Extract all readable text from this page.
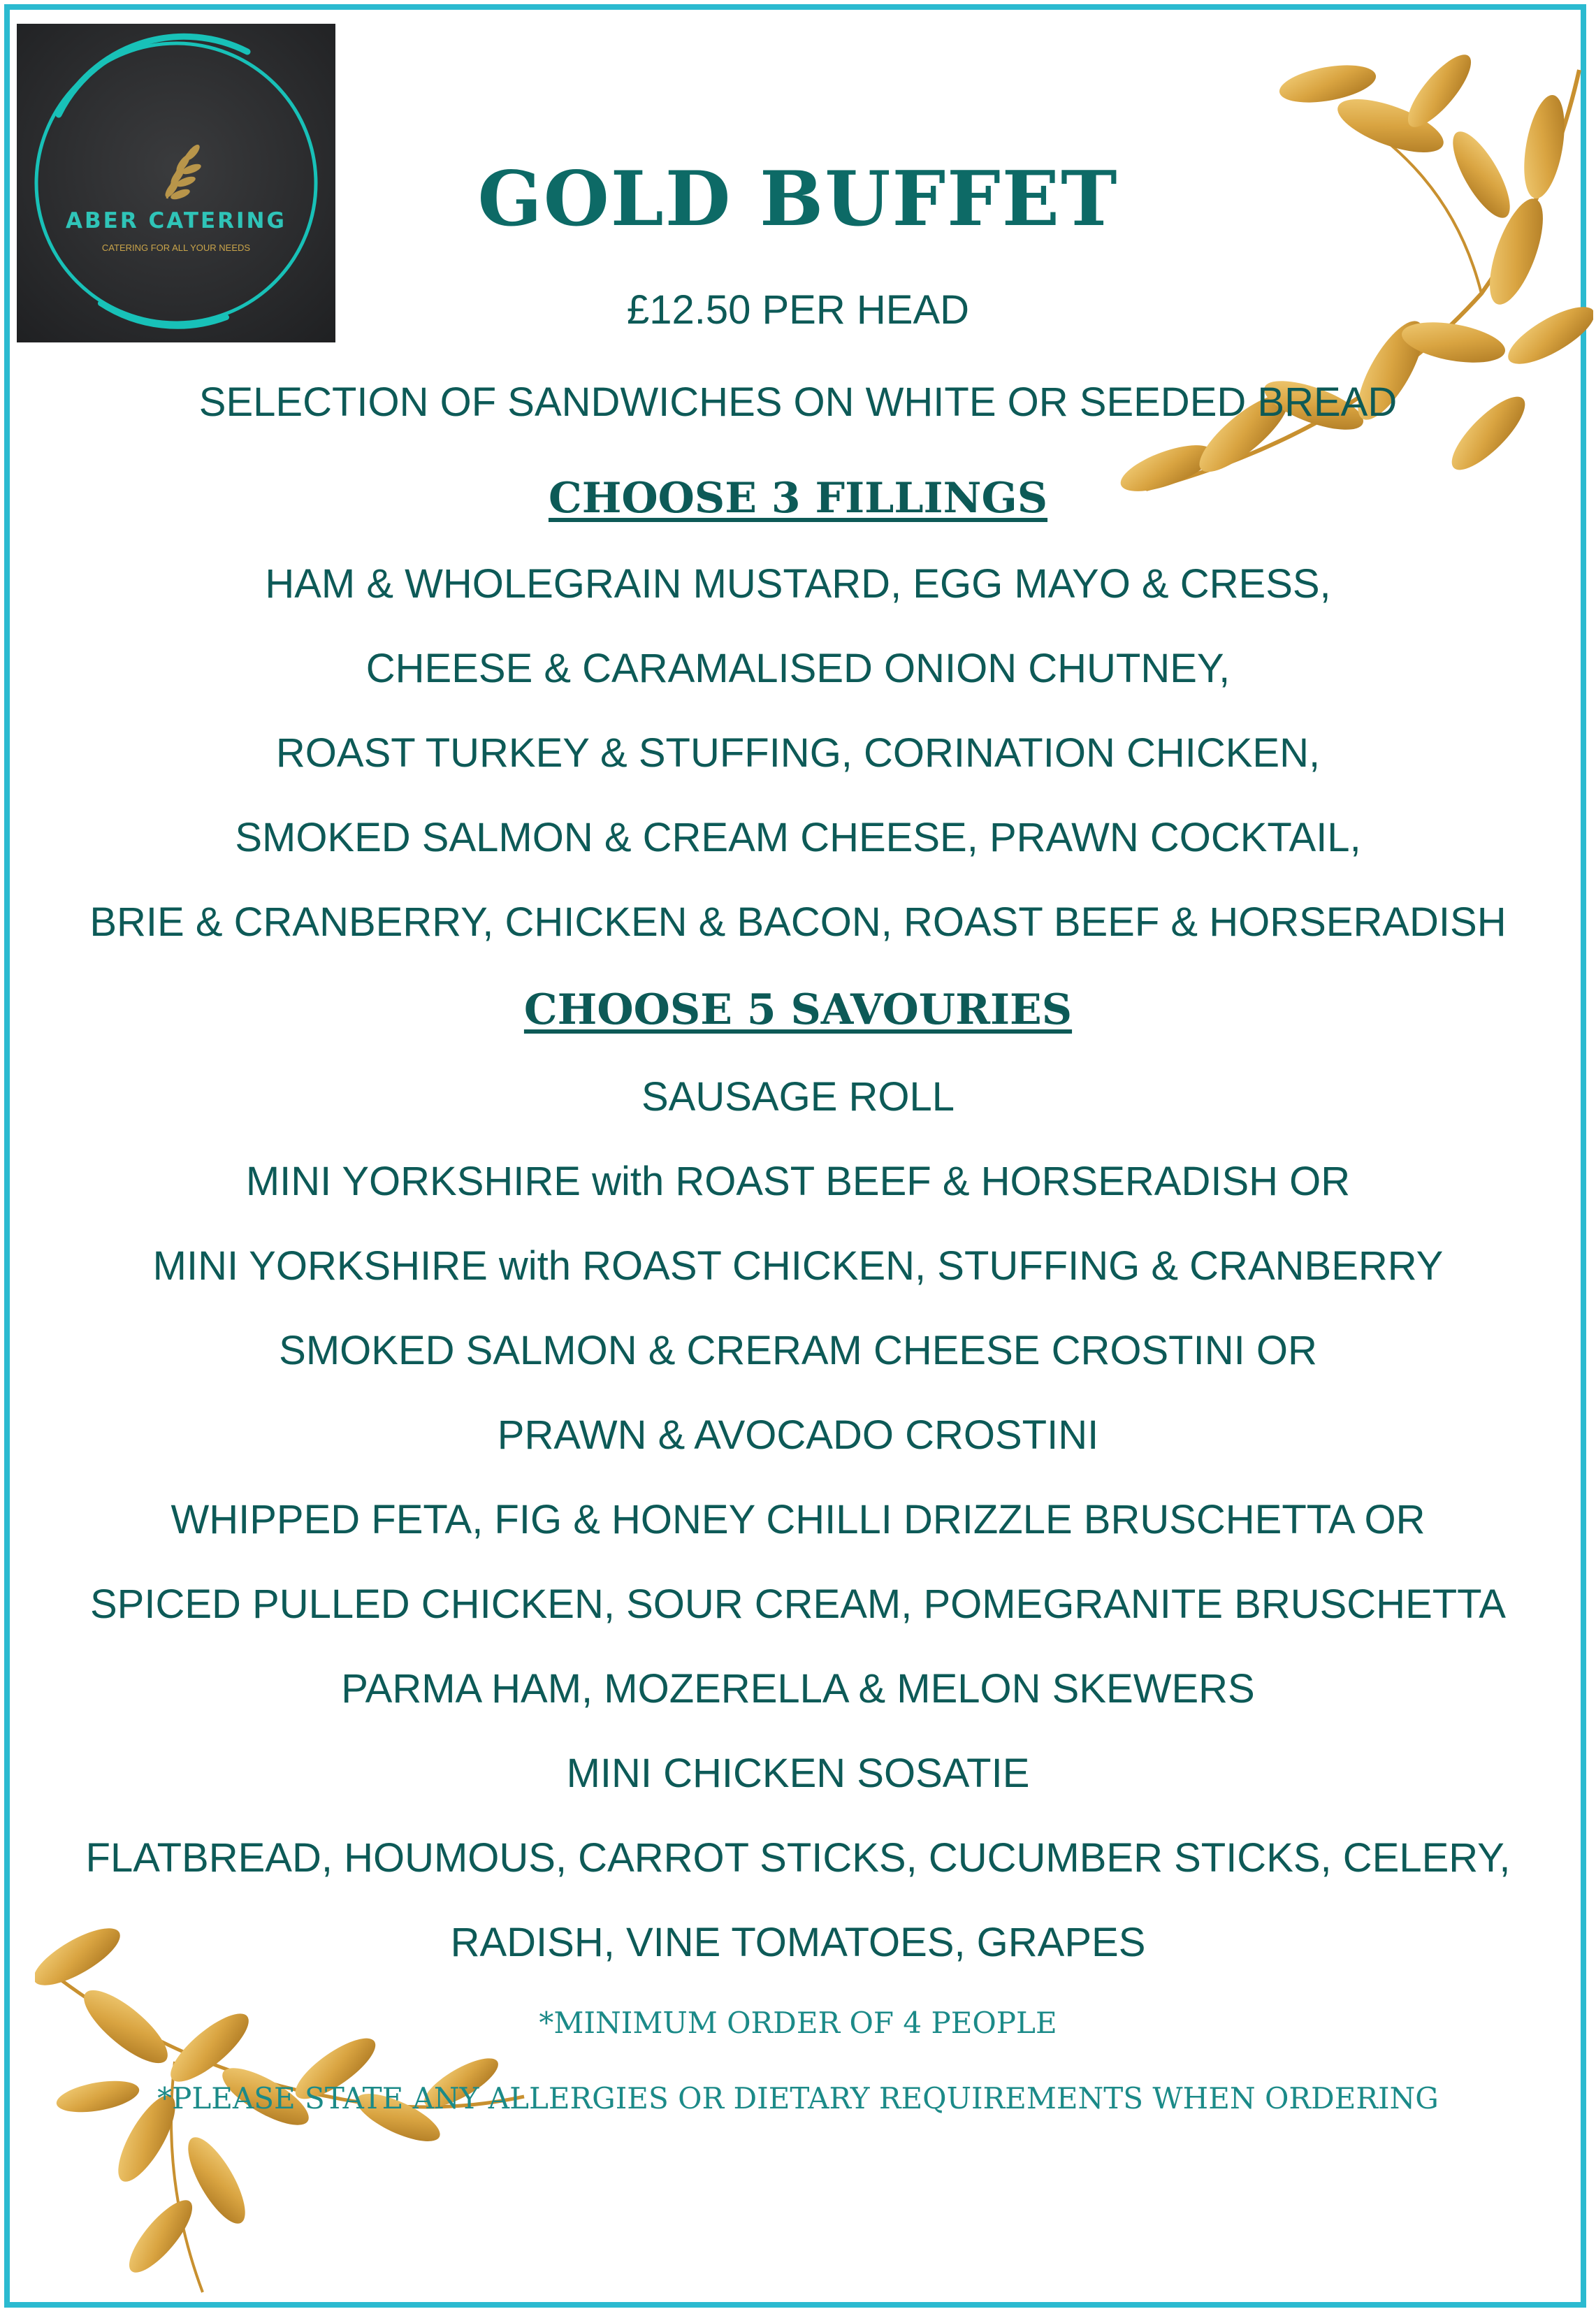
ABER CATERING
CATERING FOR ALL YOUR NEEDS
GOLD BUFFET
£12.50 PER HEAD
SELECTION OF SANDWICHES ON WHITE OR SEEDED BREAD
CHOOSE 3 FILLINGS
HAM & WHOLEGRAIN MUSTARD, EGG MAYO & CRESS,
CHEESE & CARAMALISED ONION CHUTNEY,
ROAST TURKEY & STUFFING, CORINATION CHICKEN,
SMOKED SALMON & CREAM CHEESE, PRAWN COCKTAIL,
BRIE & CRANBERRY, CHICKEN & BACON, ROAST BEEF & HORSERADISH
CHOOSE 5 SAVOURIES
SAUSAGE ROLL
MINI YORKSHIRE with ROAST BEEF & HORSERADISH OR
MINI YORKSHIRE with ROAST CHICKEN, STUFFING & CRANBERRY
SMOKED SALMON & CRERAM CHEESE CROSTINI OR
PRAWN & AVOCADO CROSTINI
WHIPPED FETA, FIG & HONEY CHILLI DRIZZLE BRUSCHETTA OR
SPICED PULLED CHICKEN, SOUR CREAM, POMEGRANITE BRUSCHETTA
PARMA HAM, MOZERELLA & MELON SKEWERS
MINI CHICKEN SOSATIE
FLATBREAD, HOUMOUS, CARROT STICKS, CUCUMBER STICKS, CELERY,
RADISH, VINE TOMATOES, GRAPES
*MINIMUM ORDER OF 4 PEOPLE
*PLEASE STATE ANY ALLERGIES OR DIETARY REQUIREMENTS WHEN ORDERING
